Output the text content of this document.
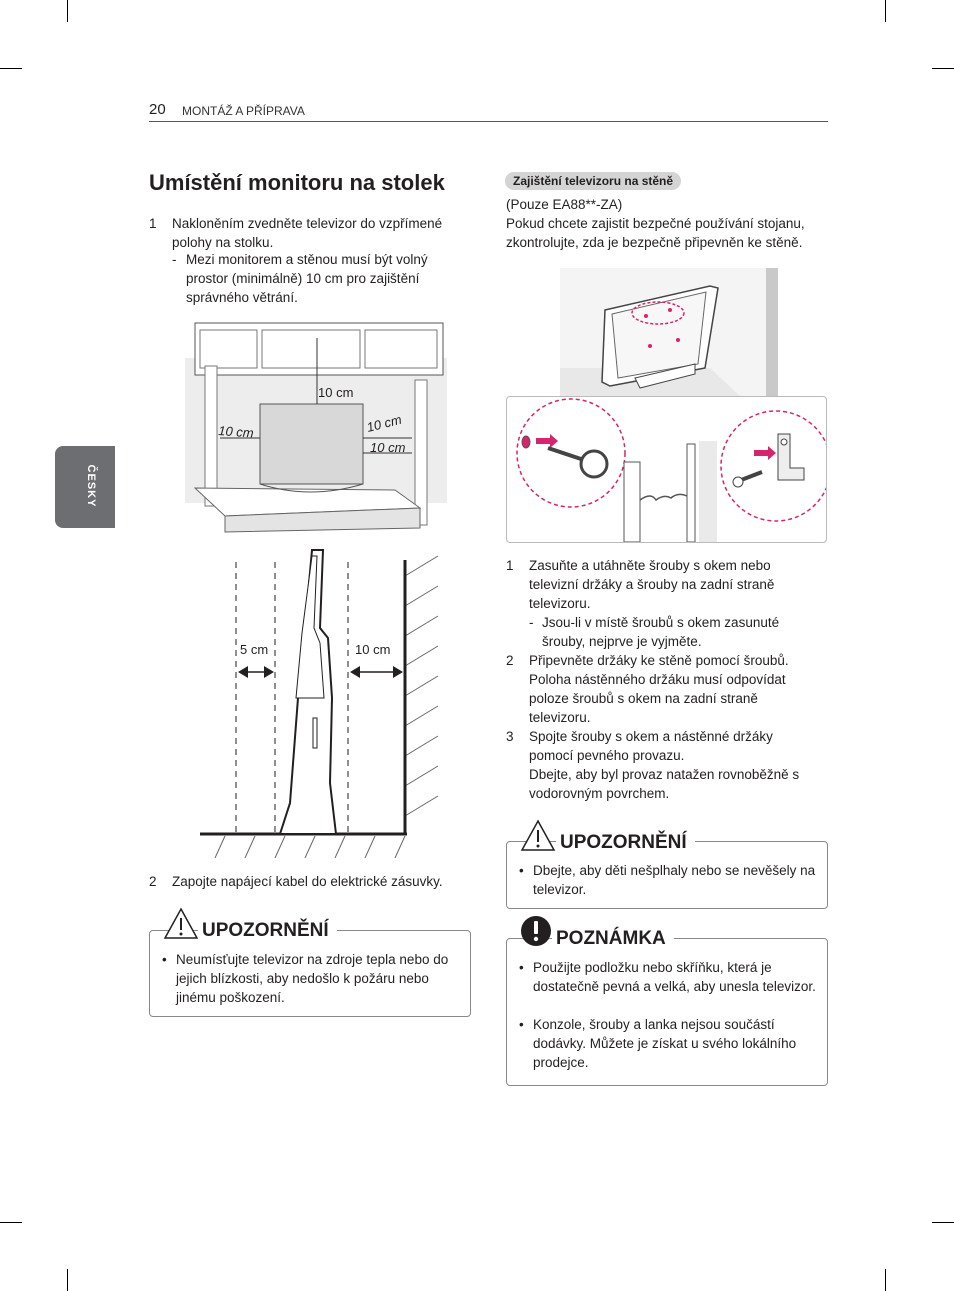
20 MONTÁŽ A PŘÍPRAVA
ČESKY
Umístění monitoru na stolek
1 Nakloněním zvedněte televizor do vzpřímené polohy na stolku.
- Mezi monitorem a stěnou musí být volný prostor (minimálně) 10 cm pro zajištění správného větrání.
10 cm
10 cm	10 cm
10 cm
5 cm	10 cm
2 Zapojte napájecí kabel do elektrické zásuvky.
UPOZORNĚNÍ
• Neumísťujte televizor na zdroje tepla nebo do jejich blízkosti, aby nedošlo k požáru nebo jinému poškození.
Zajištění televizoru na stěně
(Pouze EA88**-ZA)
Pokud chcete zajistit bezpečné používání stojanu, zkontrolujte, zda je bezpečně připevněn ke stěně.
1 Zasuňte a utáhněte šrouby s okem nebo televizní držáky a šrouby na zadní straně televizoru.
- Jsou-li v místě šroubů s okem zasunuté šrouby, nejprve je vyjměte.
2 Připevněte držáky ke stěně pomocí šroubů. Poloha nástěnného držáku musí odpovídat poloze šroubů s okem na zadní straně televizoru.
3 Spojte šrouby s okem a nástěnné držáky pomocí pevného provazu.
Dbejte, aby byl provaz natažen rovnoběžně s vodorovným povrchem.
UPOZORNĚNÍ
• Dbejte, aby děti nešplhaly nebo se nevěšely na televizor.
POZNÁMKA
• Použijte podložku nebo skříňku, která je dostatečně pevná a velká, aby unesla televizor.
• Konzole, šrouby a lanka nejsou součástí dodávky. Můžete je získat u svého lokálního prodejce.
